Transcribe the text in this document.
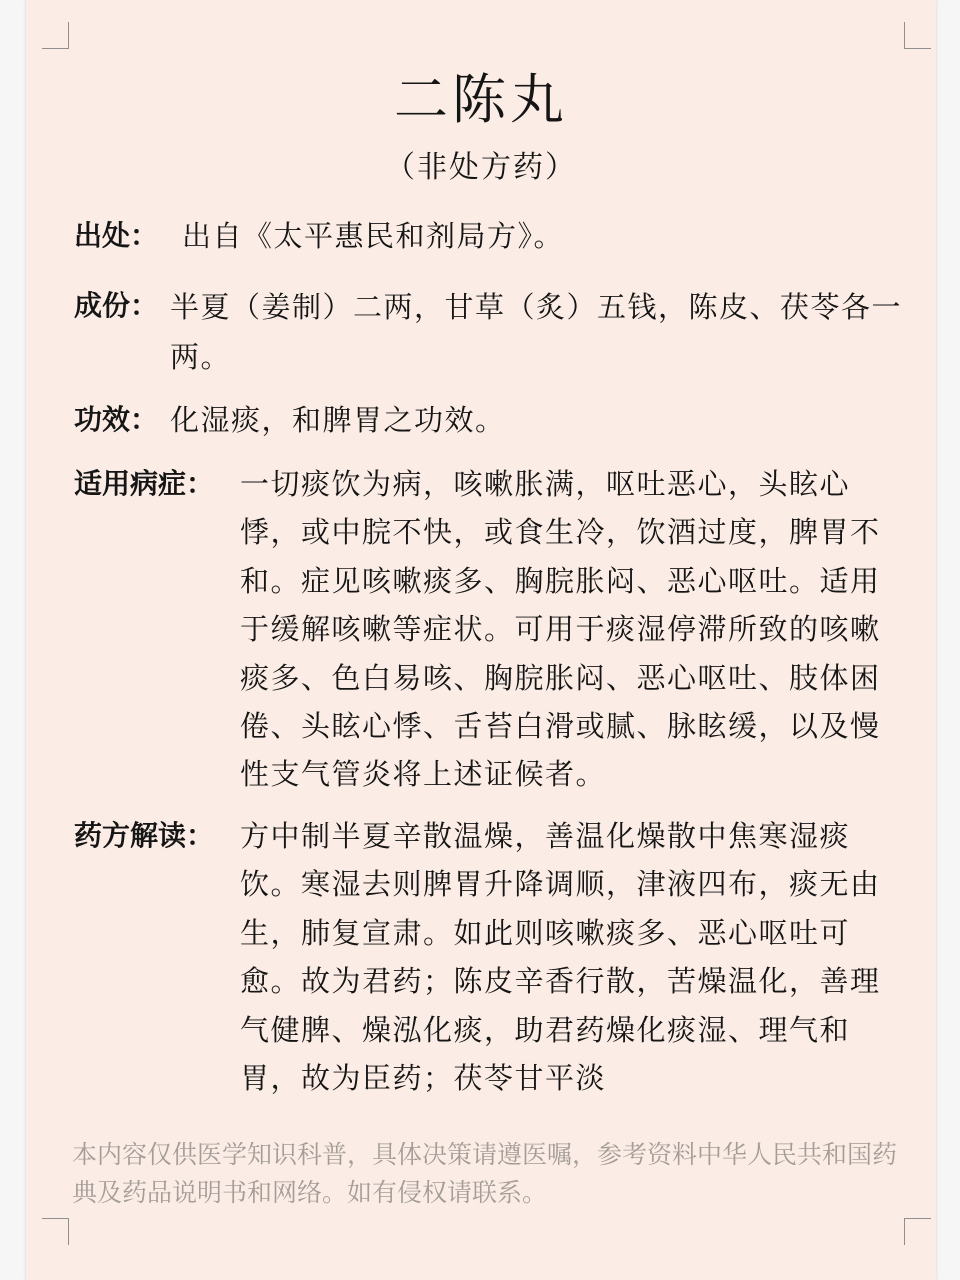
二陈丸
（非处方药）
出处： 出自《太平惠民和剂局方》。
成份： 半夏（姜制）二两，甘草（炙）五钱，陈皮、茯苓各一两。
功效： 化湿痰，和脾胃之功效。
适用病症： 一切痰饮为病，咳嗽胀满，呕吐恶心，头眩心悸，或中脘不快，或食生冷，饮酒过度，脾胃不和。症见咳嗽痰多、胸脘胀闷、恶心呕吐。适用于缓解咳嗽等症状。可用于痰湿停滞所致的咳嗽痰多、色白易咳、胸脘胀闷、恶心呕吐、肢体困倦、头眩心悸、舌苔白滑或腻、脉眩缓，以及慢性支气管炎将上述证候者。
药方解读： 方中制半夏辛散温燥，善温化燥散中焦寒湿痰饮。寒湿去则脾胃升降调顺，津液四布，痰无由生，肺复宣肃。如此则咳嗽痰多、恶心呕吐可愈。故为君药；陈皮辛香行散，苦燥温化，善理气健脾、燥泓化痰，助君药燥化痰湿、理气和胃，故为臣药；茯苓甘平淡
本内容仅供医学知识科普，具体决策请遵医嘱，参考资料中华人民共和国药典及药品说明书和网络。如有侵权请联系。
